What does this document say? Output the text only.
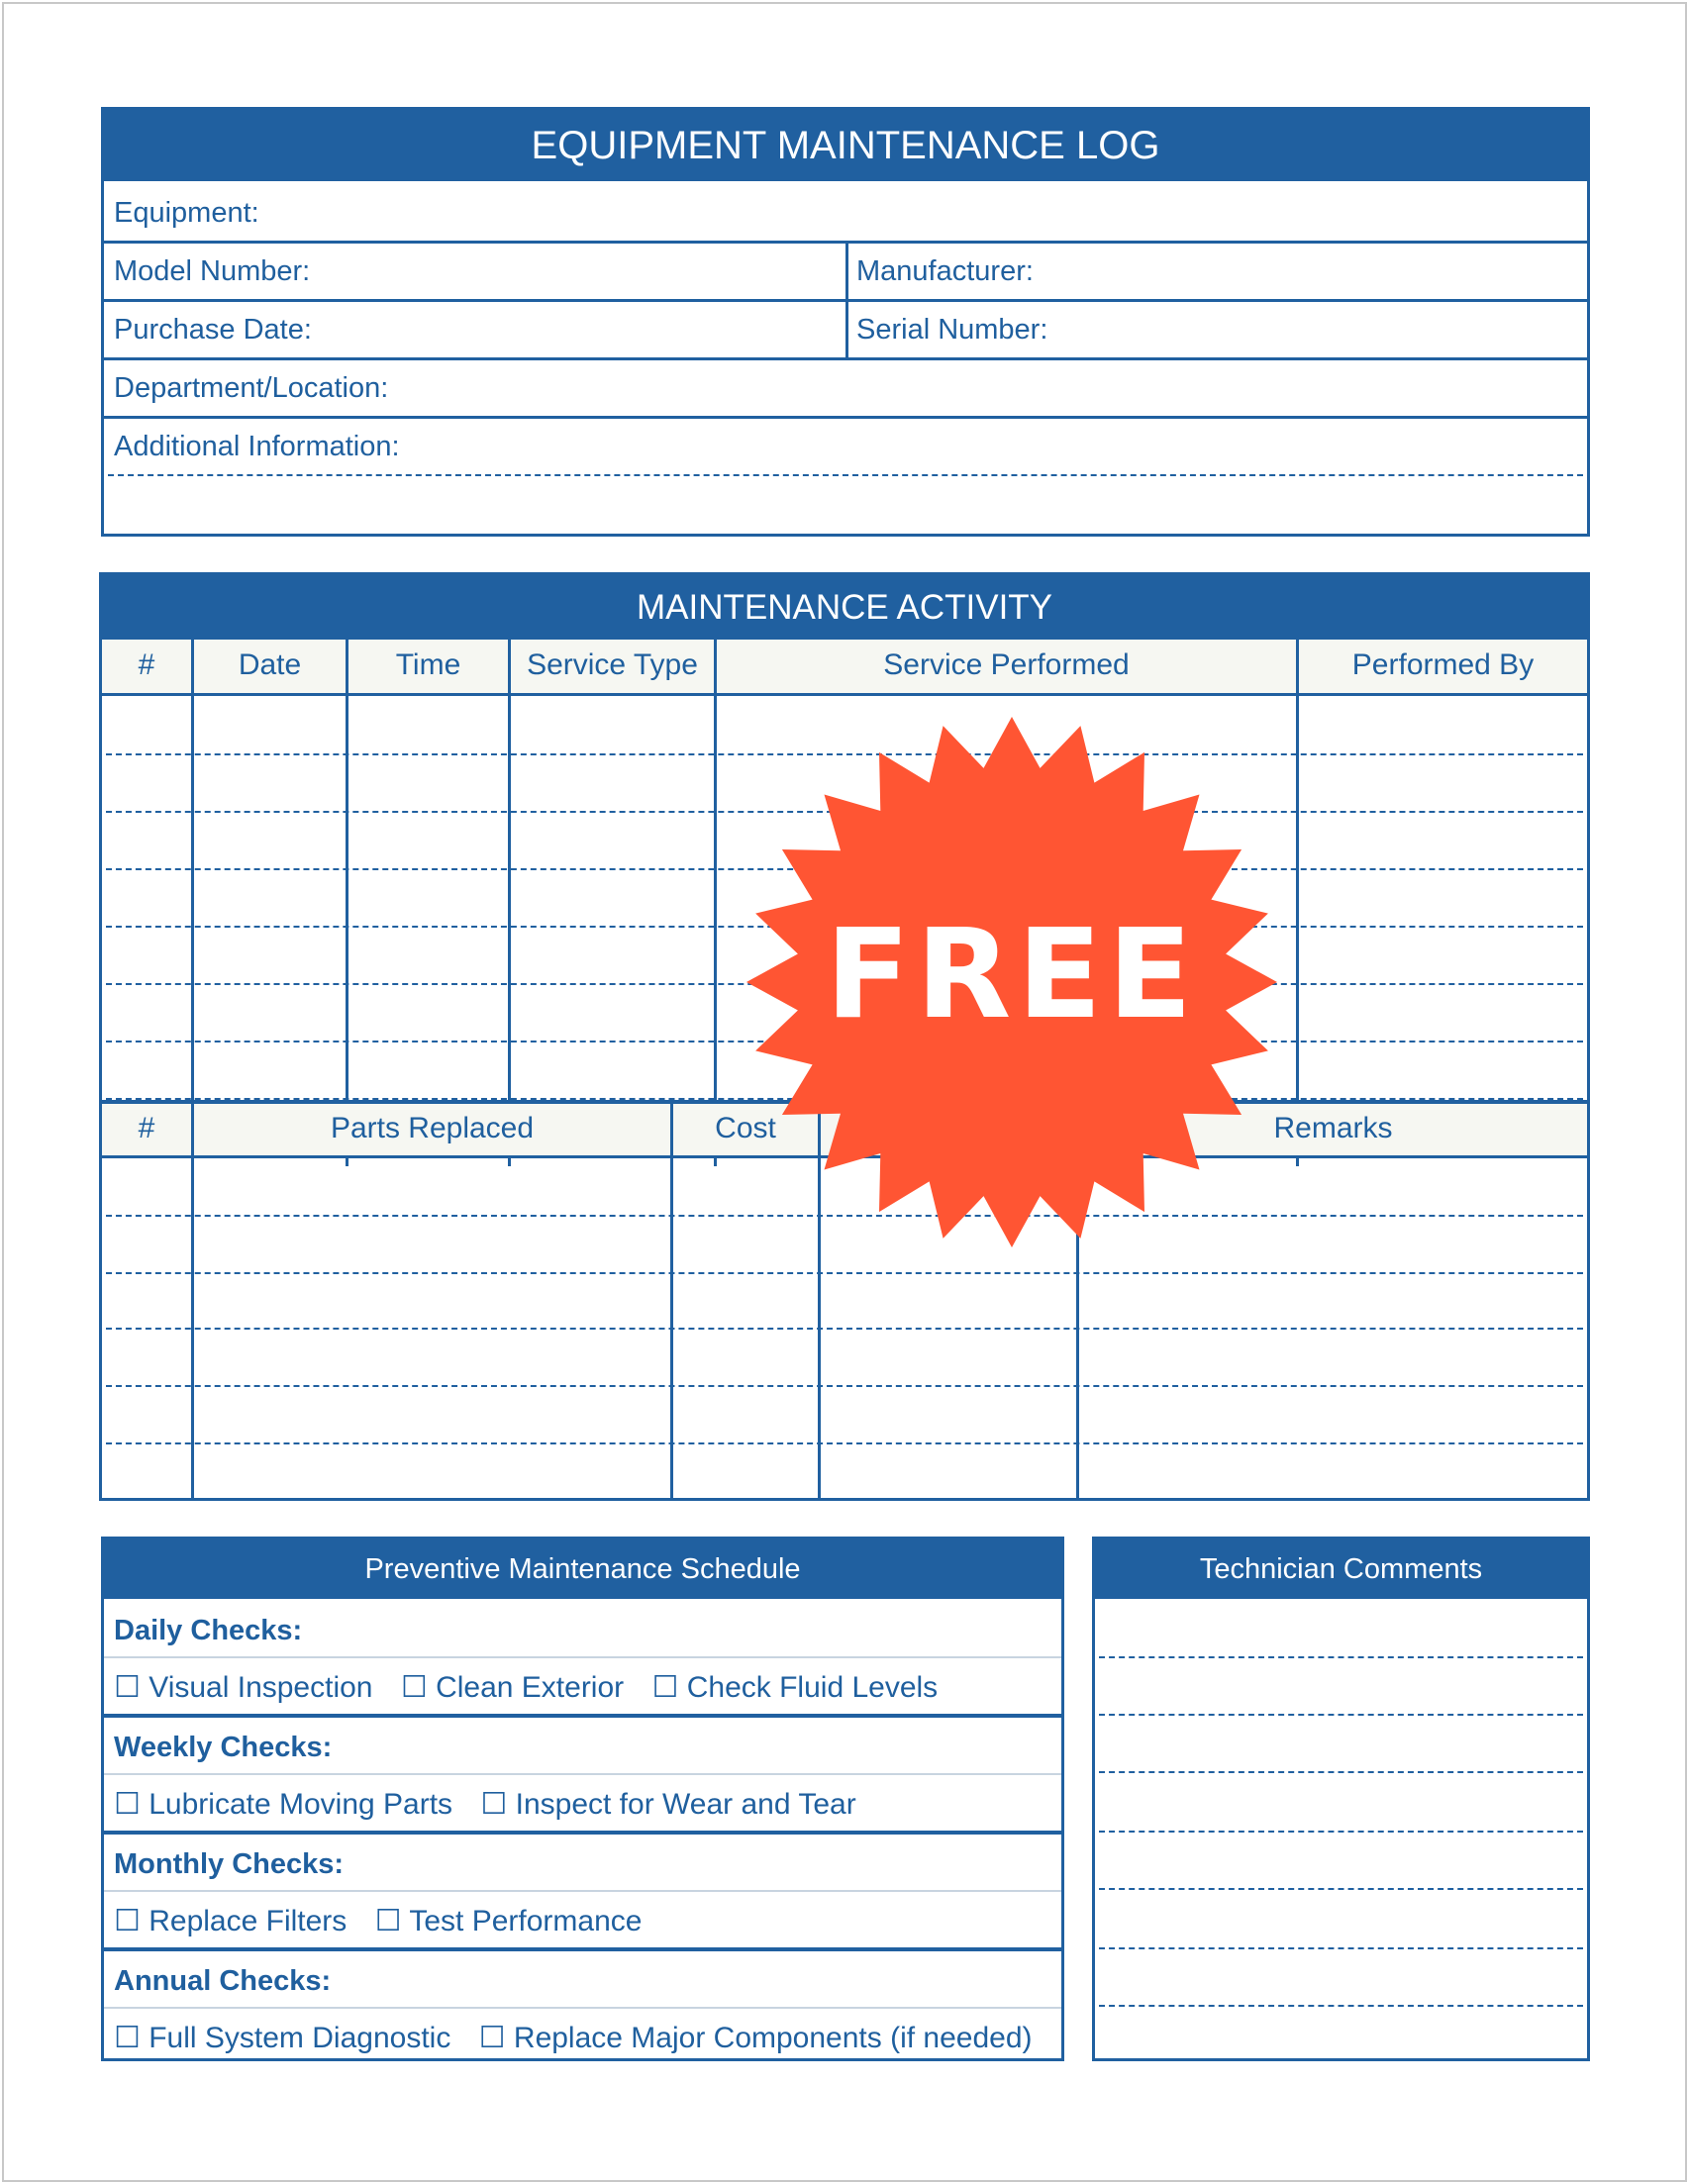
EQUIPMENT MAINTENANCE LOG
Equipment:
Model Number:	Manufacturer:
Purchase Date:	Serial Number:
Department/Location:
Additional Information:
MAINTENANCE ACTIVITY
#	Date	Time	Service Type	Service Performed	Performed By
#	Parts Replaced	Cost	Remarks
Preventive Maintenance Schedule
Daily Checks:
☐ Visual Inspection ☐ Clean Exterior ☐ Check Fluid Levels
Weekly Checks:
☐ Lubricate Moving Parts ☐ Inspect for Wear and Tear
Monthly Checks:
☐ Replace Filters ☐ Test Performance
Annual Checks:
☐ Full System Diagnostic ☐ Replace Major Components (if needed)
Technician Comments
FREE
